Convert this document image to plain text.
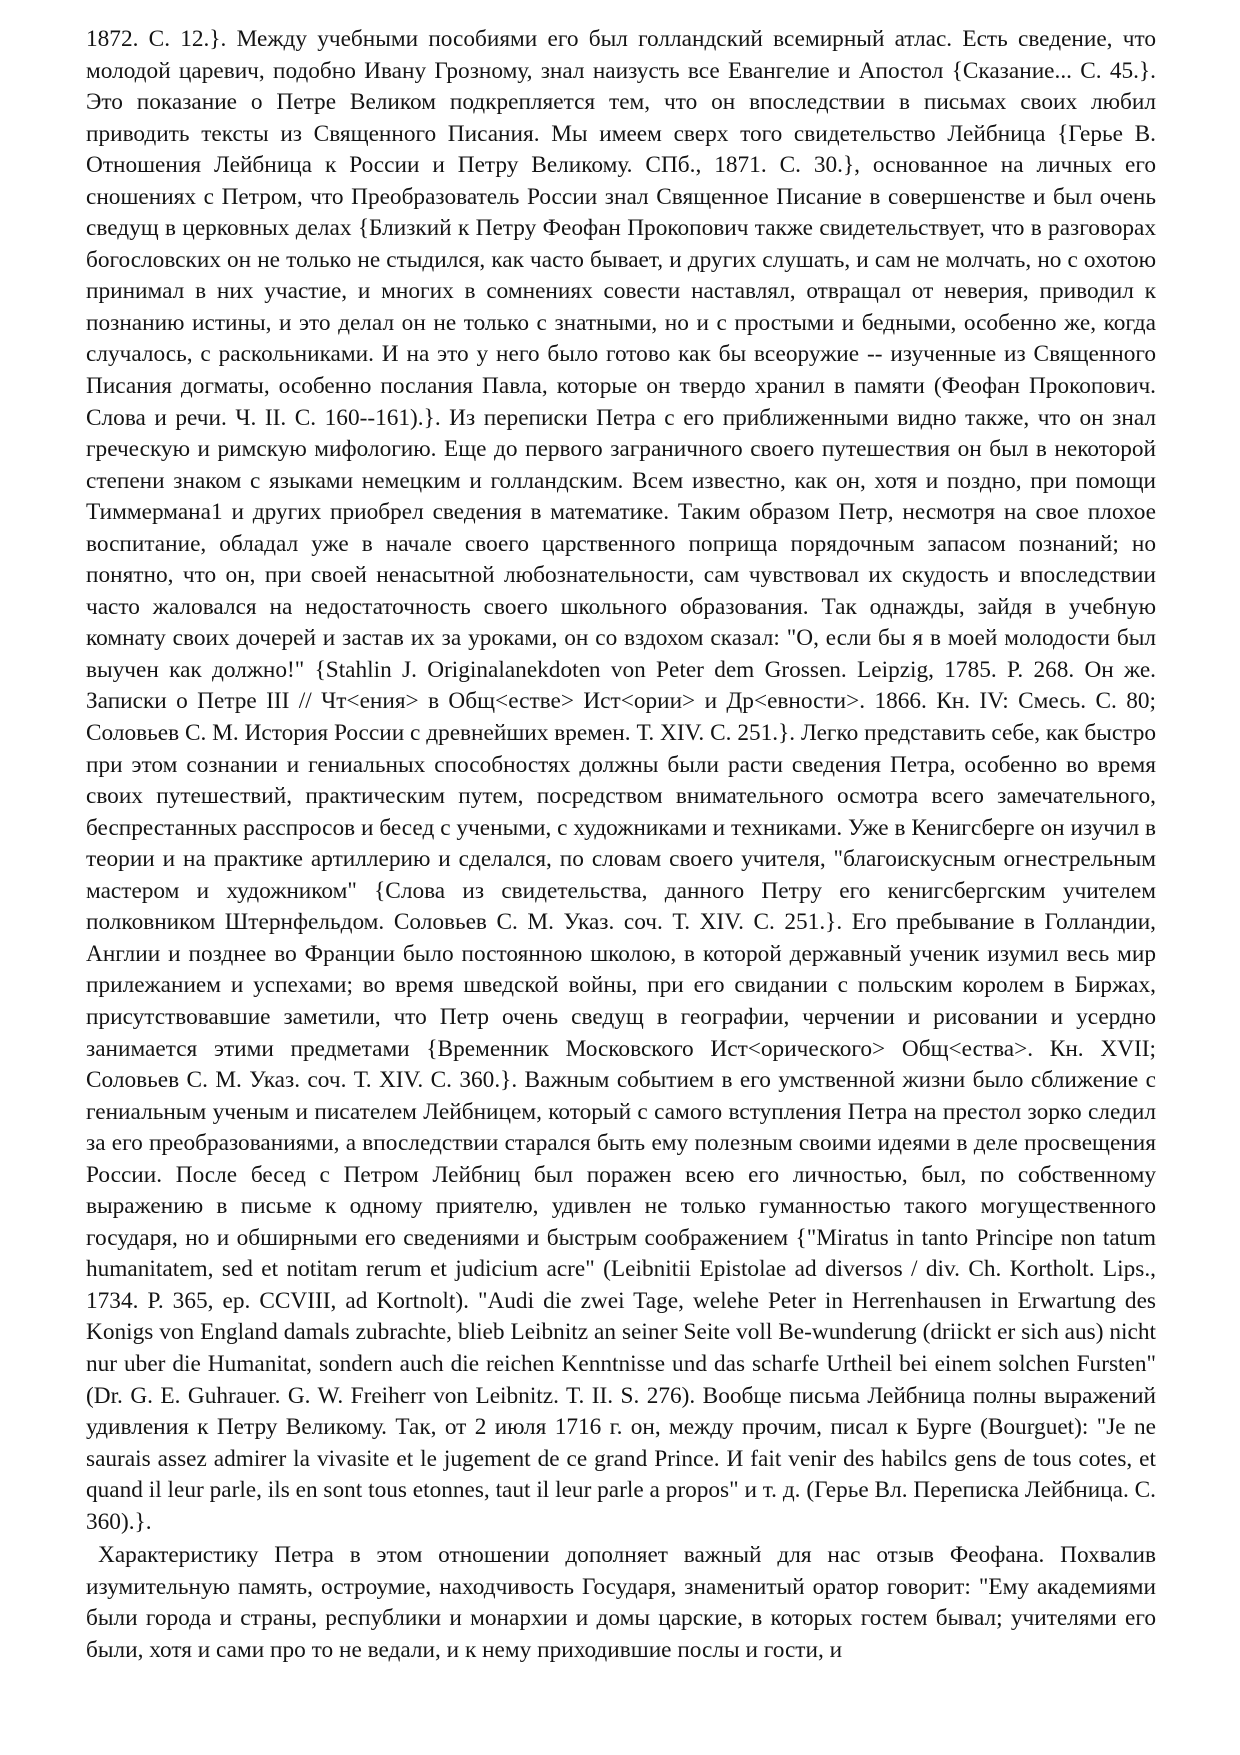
1872. С. 12.}. Между учебными пособиями его был голландский всемирный атлас. Есть сведение, что молодой царевич, подобно Ивану Грозному, знал наизусть все Евангелие и Апостол {Сказание... С. 45.}. Это показание о Петре Великом подкрепляется тем, что он впоследствии в письмах своих любил приводить тексты из Священного Писания. Мы имеем сверх того свидетельство Лейбница {Герье В. Отношения Лейбница к России и Петру Великому. СПб., 1871. С. 30.}, основанное на личных его сношениях с Петром, что Преобразователь России знал Священное Писание в совершенстве и был очень сведущ в церковных делах {Близкий к Петру Феофан Прокопович также свидетельствует, что в разговорах богословских он не только не стыдился, как часто бывает, и других слушать, и сам не молчать, но с охотою принимал в них участие, и многих в сомнениях совести наставлял, отвращал от неверия, приводил к познанию истины, и это делал он не только с знатными, но и с простыми и бедными, особенно же, когда случалось, с раскольниками. И на это у него было готово как бы всеоружие -- изученные из Священного Писания догматы, особенно послания Павла, которые он твердо хранил в памяти (Феофан Прокопович. Слова и речи. Ч. II. С. 160--161).}. Из переписки Петра с его приближенными видно также, что он знал греческую и римскую мифологию. Еще до первого заграничного своего путешествия он был в некоторой степени знаком с языками немецким и голландским. Всем известно, как он, хотя и поздно, при помощи Тиммермана1 и других приобрел сведения в математике. Таким образом Петр, несмотря на свое плохое воспитание, обладал уже в начале своего царственного поприща порядочным запасом познаний; но понятно, что он, при своей ненасытной любознательности, сам чувствовал их скудость и впоследствии часто жаловался на недостаточность своего школьного образования. Так однажды, зайдя в учебную комнату своих дочерей и застав их за уроками, он со вздохом сказал: "О, если бы я в моей молодости был выучен как должно!" {Stahlin J. Originalanekdoten von Peter dem Grossen. Leipzig, 1785. P. 268. Он же. Записки о Петре III // Чт<ения> в Общ<естве> Ист<ории> и Др<евности>. 1866. Кн. IV: Смесь. С. 80; Соловьев С. М. История России с древнейших времен. Т. XIV. С. 251.}. Легко представить себе, как быстро при этом сознании и гениальных способностях должны были расти сведения Петра, особенно во время своих путешествий, практическим путем, посредством внимательного осмотра всего замечательного, беспрестанных расспросов и бесед с учеными, с художниками и техниками. Уже в Кенигсберге он изучил в теории и на практике артиллерию и сделался, по словам своего учителя, "благоискусным огнестрельным мастером и художником" {Слова из свидетельства, данного Петру его кенигсбергским учителем полковником Штернфельдом. Соловьев С. М. Указ. соч. Т. XIV. С. 251.}. Его пребывание в Голландии, Англии и позднее во Франции было постоянною школою, в которой державный ученик изумил весь мир прилежанием и успехами; во время шведской войны, при его свидании с польским королем в Биржах, присутствовавшие заметили, что Петр очень сведущ в географии, черчении и рисовании и усердно занимается этими предметами {Временник Московского Ист<орического> Общ<ества>. Кн. XVII; Соловьев С. М. Указ. соч. Т. XIV. С. 360.}. Важным событием в его умственной жизни было сближение с гениальным ученым и писателем Лейбницем, который с самого вступления Петра на престол зорко следил за его преобразованиями, а впоследствии старался быть ему полезным своими идеями в деле просвещения России. После бесед с Петром Лейбниц был поражен всею его личностью, был, по собственному выражению в письме к одному приятелю, удивлен не только гуманностью такого могущественного государя, но и обширными его сведениями и быстрым соображением {"Miratus in tanto Principe non tatum humanitatem, sed et notitam rerum et judicium acre" (Leibnitii Epistolae ad diversos / div. Ch. Kortholt. Lips., 1734. P. 365, ep. CCVIII, ad Kortnolt). "Audi die zwei Tage, welehe Peter in Herrenhausen in Erwartung des Konigs von England damals zubrachte, blieb Leibnitz an seiner Seite voll Be-wunderung (driickt er sich aus) nicht nur uber die Humanitat, sondern auch die reichen Kenntnisse und das scharfe Urtheil bei einem solchen Fursten" (Dr. G. E. Guhrauer. G. W. Freiherr von Leibnitz. T. II. S. 276). Вообще письма Лейбница полны выражений удивления к Петру Великому. Так, от 2 июля 1716 г. он, между прочим, писал к Бурге (Bourguet): "Je ne saurais assez admirer la vivasite et le jugement de ce grand Prince. И fait venir des habilcs gens de tous cotes, et quand il leur parle, ils en sont tous etonnes, taut il leur parle a propos" и т. д. (Герье Вл. Переписка Лейбница. С. 360).}.

Характеристику Петра в этом отношении дополняет важный для нас отзыв Феофана. Похвалив изумительную память, остроумие, находчивость Государя, знаменитый оратор говорит: "Ему академиями были города и страны, республики и монархии и домы царские, в которых гостем бывал; учителями его были, хотя и сами про то не ведали, и к нему приходившие послы и гости, и
